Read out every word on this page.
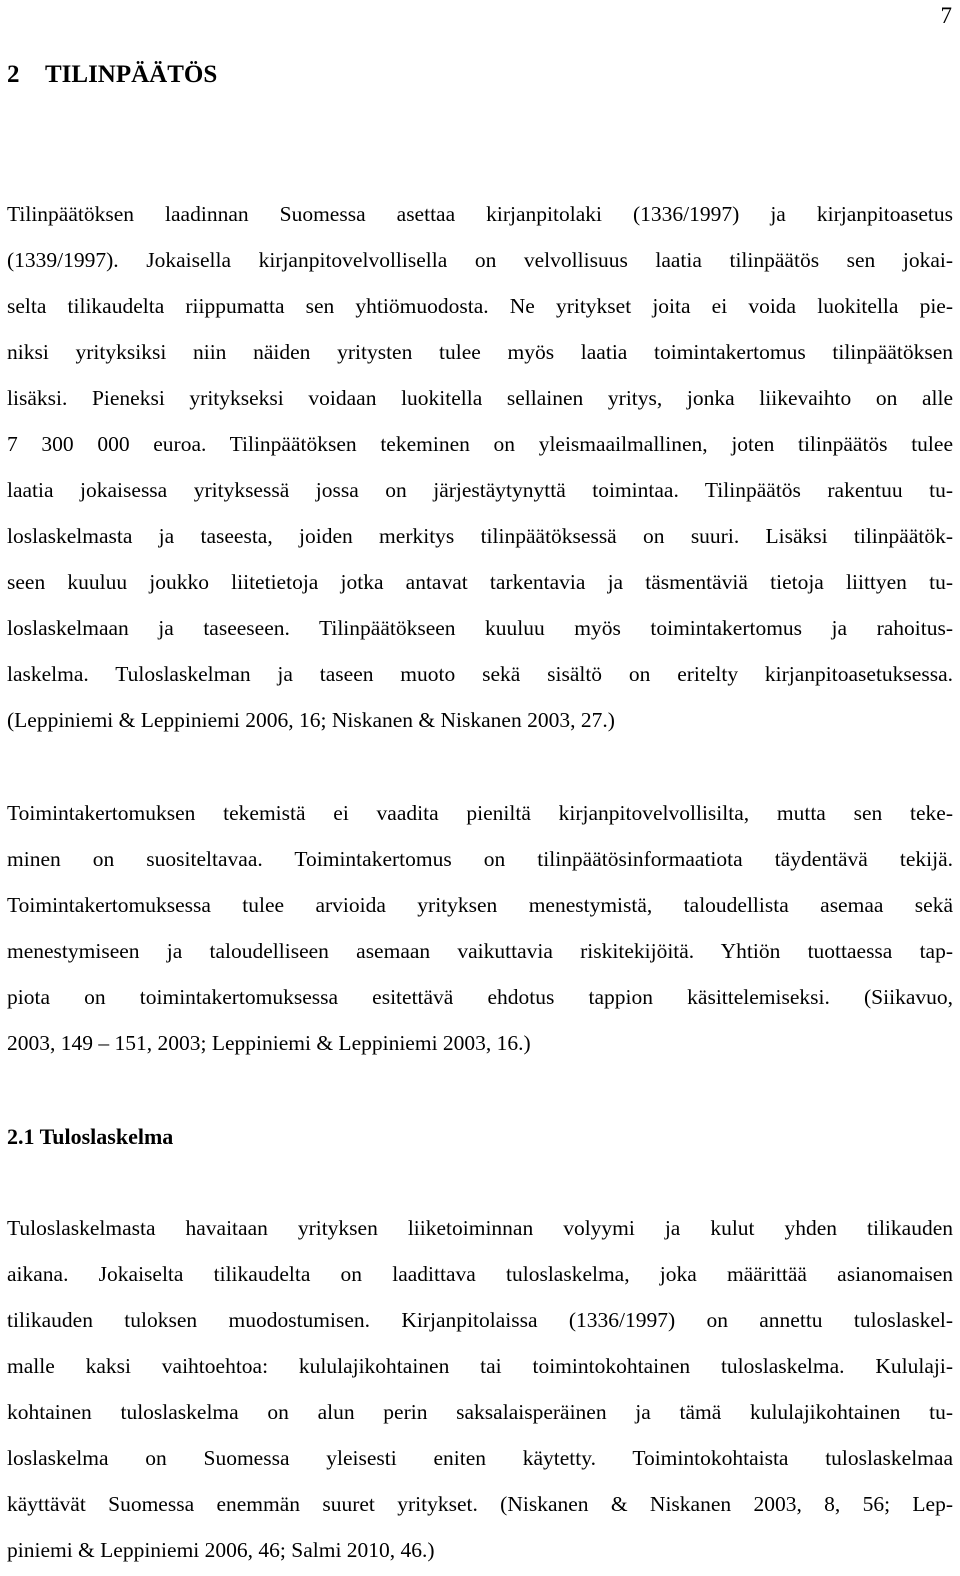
7
2 TILINPÄÄTÖS

Tilinpäätöksen laadinnan Suomessa asettaa kirjanpitolaki (1336/1997) ja kirjanpitoasetus
(1339/1997). Jokaisella kirjanpitovelvollisella on velvollisuus laatia tilinpäätös sen jokai-
selta tilikaudelta riippumatta sen yhtiömuodosta. Ne yritykset joita ei voida luokitella pie-
niksi yrityksiksi niin näiden yritysten tulee myös laatia toimintakertomus tilinpäätöksen
lisäksi. Pieneksi yritykseksi voidaan luokitella sellainen yritys, jonka liikevaihto on alle
7 300 000 euroa. Tilinpäätöksen tekeminen on yleismaailmallinen, joten tilinpäätös tulee
laatia jokaisessa yrityksessä jossa on järjestäytynyttä toimintaa. Tilinpäätös rakentuu tu-
loslaskelmasta ja taseesta, joiden merkitys tilinpäätöksessä on suuri. Lisäksi tilinpäätök-
seen kuuluu joukko liitetietoja jotka antavat tarkentavia ja täsmentäviä tietoja liittyen tu-
loslaskelmaan ja taseeseen. Tilinpäätökseen kuuluu myös toimintakertomus ja rahoitus-
laskelma. Tuloslaskelman ja taseen muoto sekä sisältö on eritelty kirjanpitoasetuksessa.
(Leppiniemi & Leppiniemi 2006, 16; Niskanen & Niskanen 2003, 27.)

Toimintakertomuksen tekemistä ei vaadita pieniltä kirjanpitovelvollisilta, mutta sen teke-
minen on suositeltavaa. Toimintakertomus on tilinpäätösinformaatiota täydentävä tekijä.
Toimintakertomuksessa tulee arvioida yrityksen menestymistä, taloudellista asemaa sekä
menestymiseen ja taloudelliseen asemaan vaikuttavia riskitekijöitä. Yhtiön tuottaessa tap-
piota on toimintakertomuksessa esitettävä ehdotus tappion käsittelemiseksi. (Siikavuo,
2003, 149 – 151, 2003; Leppiniemi & Leppiniemi 2003, 16.)

2.1 Tuloslaskelma

Tuloslaskelmasta havaitaan yrityksen liiketoiminnan volyymi ja kulut yhden tilikauden
aikana. Jokaiselta tilikaudelta on laadittava tuloslaskelma, joka määrittää asianomaisen
tilikauden tuloksen muodostumisen. Kirjanpitolaissa (1336/1997) on annettu tuloslaskel-
malle kaksi vaihtoehtoa: kululajikohtainen tai toimintokohtainen tuloslaskelma. Kululaji-
kohtainen tuloslaskelma on alun perin saksalaisperäinen ja tämä kululajikohtainen tu-
loslaskelma on Suomessa yleisesti eniten käytetty. Toimintokohtaista tuloslaskelmaa
käyttävät Suomessa enemmän suuret yritykset. (Niskanen & Niskanen 2003, 8, 56; Lep-
piniemi & Leppiniemi 2006, 46; Salmi 2010, 46.)
